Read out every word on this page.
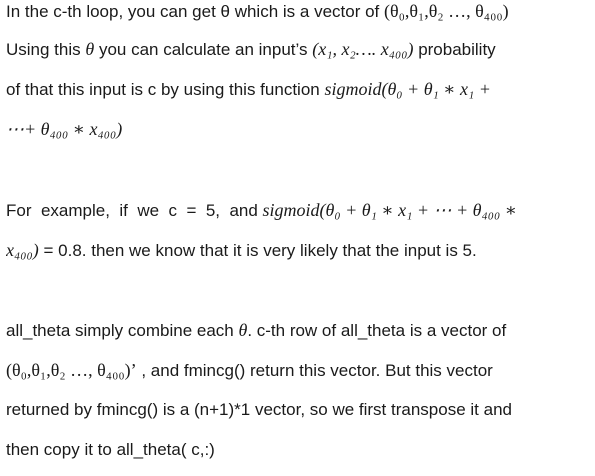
In the c-th loop, you can get θ which is a vector of (θ₀,θ₁,θ₂ …, θ₄₀₀)
Using this θ you can calculate an input’s (x₁, x₂…. x₄₀₀) probability
of that this input is c by using this function sigmoid(θ₀ + θ₁ ∗ x₁ +
⋯+ θ₄₀₀ ∗ x₄₀₀)
For  example,  if  we  c  =  5,  and sigmoid(θ₀ + θ₁ ∗ x₁ + ⋯ + θ₄₀₀ ∗
x₄₀₀) = 0.8. then we know that it is very likely that the input is 5.
all_theta simply combine each θ. c-th row of all_theta is a vector of
(θ₀,θ₁,θ₂ …, θ₄₀₀)’ , and fmincg() return this vector. But this vector
returned by fmincg() is a (n+1)*1 vector, so we first transpose it and
then copy it to all_theta( c,:)
